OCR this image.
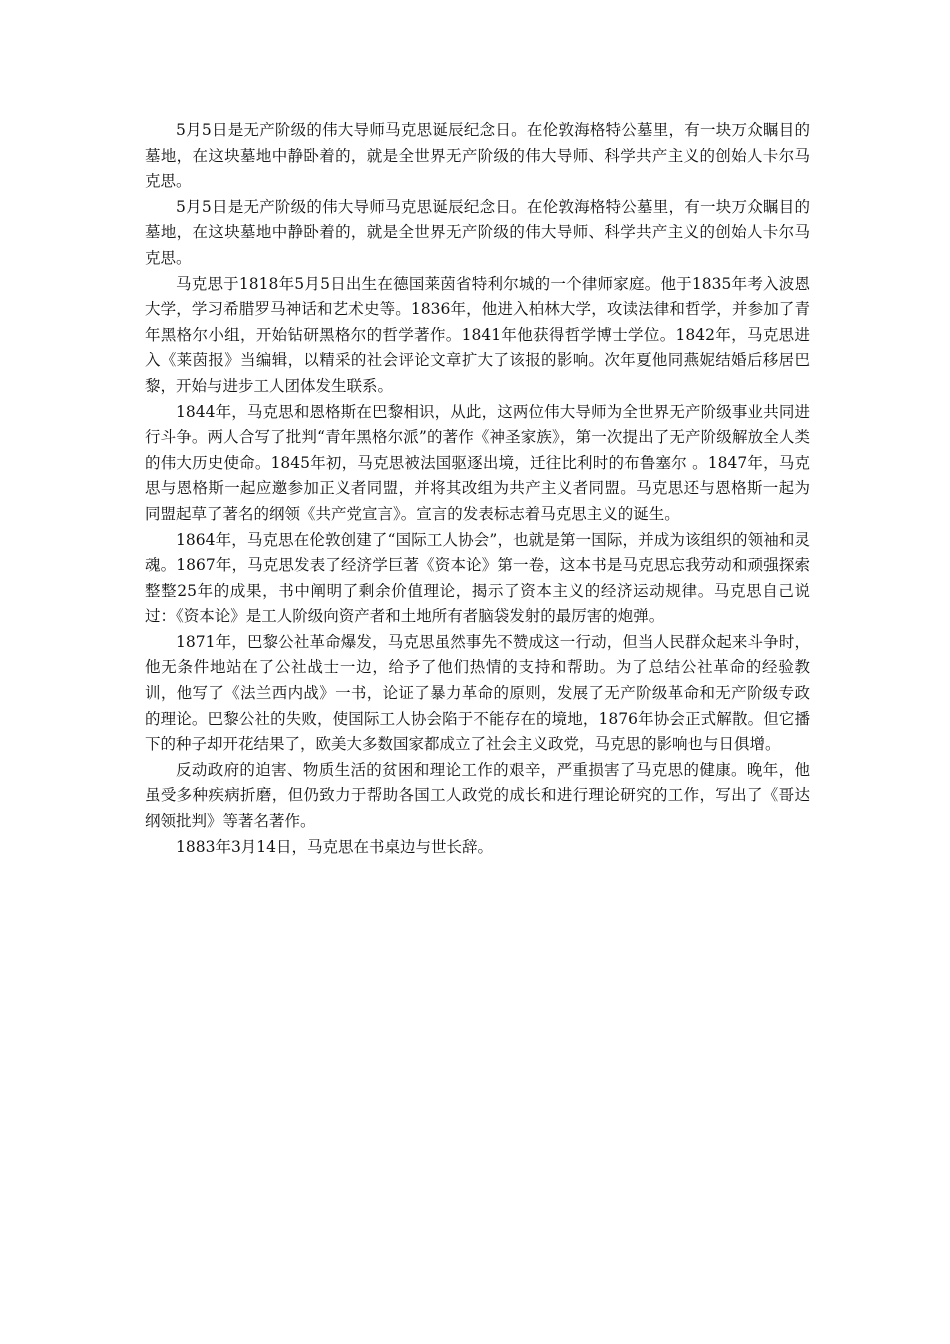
5月5日是无产阶级的伟大导师马克思诞辰纪念日。在伦敦海格特公墓里，有一块万众瞩目的墓地，在这块墓地中静卧着的，就是全世界无产阶级的伟大导师、科学共产主义的创始人卡尔马克思。

5月5日是无产阶级的伟大导师马克思诞辰纪念日。在伦敦海格特公墓里，有一块万众瞩目的墓地，在这块墓地中静卧着的，就是全世界无产阶级的伟大导师、科学共产主义的创始人卡尔马克思。

马克思于1818年5月5日出生在德国莱茵省特利尔城的一个律师家庭。他于1835年考入波恩大学，学习希腊罗马神话和艺术史等。1836年，他进入柏林大学，攻读法律和哲学，并参加了青年黑格尔小组，开始钻研黑格尔的哲学著作。1841年他获得哲学博士学位。1842年，马克思进入《莱茵报》当编辑，以精采的社会评论文章扩大了该报的影响。次年夏他同燕妮结婚后移居巴黎，开始与进步工人团体发生联系。

1844年，马克思和恩格斯在巴黎相识，从此，这两位伟大导师为全世界无产阶级事业共同进行斗争。两人合写了批判“青年黑格尔派”的著作《神圣家族》，第一次提出了无产阶级解放全人类的伟大历史使命。1845年初，马克思被法国驱逐出境，迁往比利时的布鲁塞尔 。1847年，马克思与恩格斯一起应邀参加正义者同盟，并将其改组为共产主义者同盟。马克思还与恩格斯一起为同盟起草了著名的纲领《共产党宣言》。宣言的发表标志着马克思主义的诞生。

1864年，马克思在伦敦创建了“国际工人协会”，也就是第一国际，并成为该组织的领袖和灵魂。1867年，马克思发表了经济学巨著《资本论》第一卷，这本书是马克思忘我劳动和顽强探索整整25年的成果，书中阐明了剩余价值理论，揭示了资本主义的经济运动规律。马克思自己说过：《资本论》是工人阶级向资产者和土地所有者脑袋发射的最厉害的炮弹。

1871年，巴黎公社革命爆发，马克思虽然事先不赞成这一行动，但当人民群众起来斗争时，他无条件地站在了公社战士一边，给予了他们热情的支持和帮助。为了总结公社革命的经验教训，他写了《法兰西内战》一书，论证了暴力革命的原则，发展了无产阶级革命和无产阶级专政的理论。巴黎公社的失败，使国际工人协会陷于不能存在的境地，1876年协会正式解散。但它播下的种子却开花结果了，欧美大多数国家都成立了社会主义政党，马克思的影响也与日俱增。

反动政府的迫害、物质生活的贫困和理论工作的艰辛，严重损害了马克思的健康。晚年，他虽受多种疾病折磨，但仍致力于帮助各国工人政党的成长和进行理论研究的工作，写出了《哥达纲领批判》等著名著作。

1883年3月14日，马克思在书桌边与世长辞。
